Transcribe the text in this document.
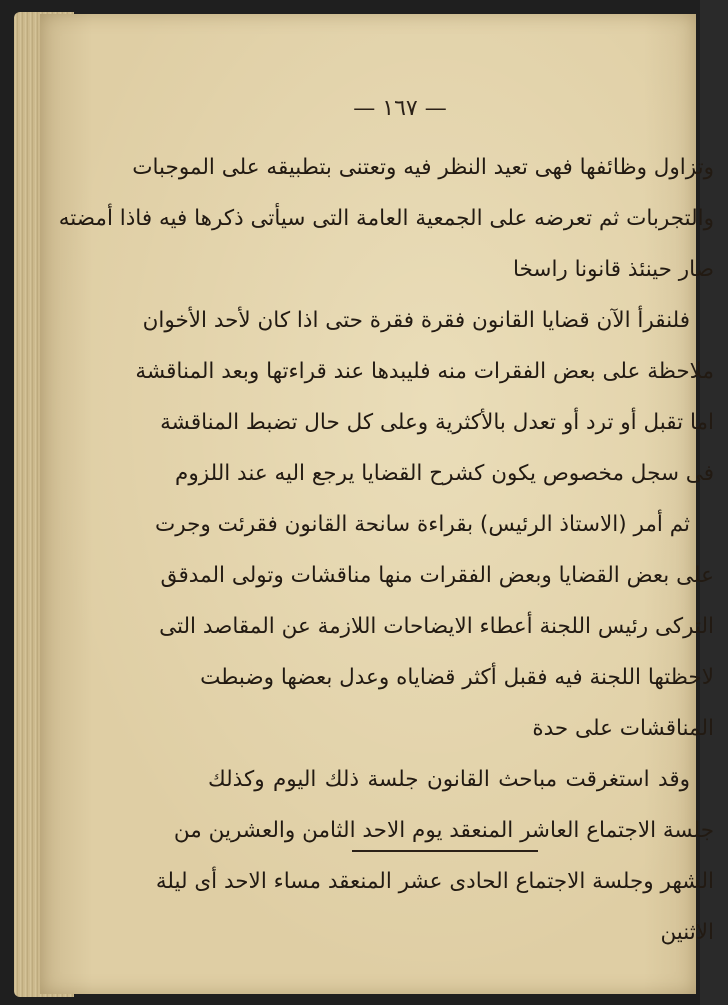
— ١٦٧ —
وتزاول وظائفها فهى تعيد النظر فيه وتعتنى بتطبيقه على الموجبات
والتجربات ثم تعرضه على الجمعية العامة التى سيأتى ذكرها فيه فاذا أمضته
صار حينئذ قانونا راسخا
فلنقرأ الآن قضايا القانون فقرة فقرة حتى اذا كان لأحد الأخوان
ملاحظة على بعض الفقرات منه فليبدها عند قراءتها وبعد المناقشة
اما تقبل أو ترد أو تعدل بالأكثرية وعلى كل حال تضبط المناقشة
فى سجل مخصوص يكون كشرح القضايا يرجع اليه عند اللزوم
ثم أمر (الاستاذ الرئيس) بقراءة سانحة القانون فقرئت وجرت
على بعض القضايا وبعض الفقرات منها مناقشات وتولى المدقق
التركى رئيس اللجنة أعطاء الايضاحات اللازمة عن المقاصد التى
لاحظتها اللجنة فيه فقبل أكثر قضاياه وعدل بعضها وضبطت
المناقشات على حدة
وقد استغرقت مباحث القانون جلسة ذلك اليوم وكذلك
جلسة الاجتماع العاشر المنعقد يوم الاحد الثامن والعشرين من
الشهر وجلسة الاجتماع الحادى عشر المنعقد مساء الاحد أى ليلة
الاثنين
